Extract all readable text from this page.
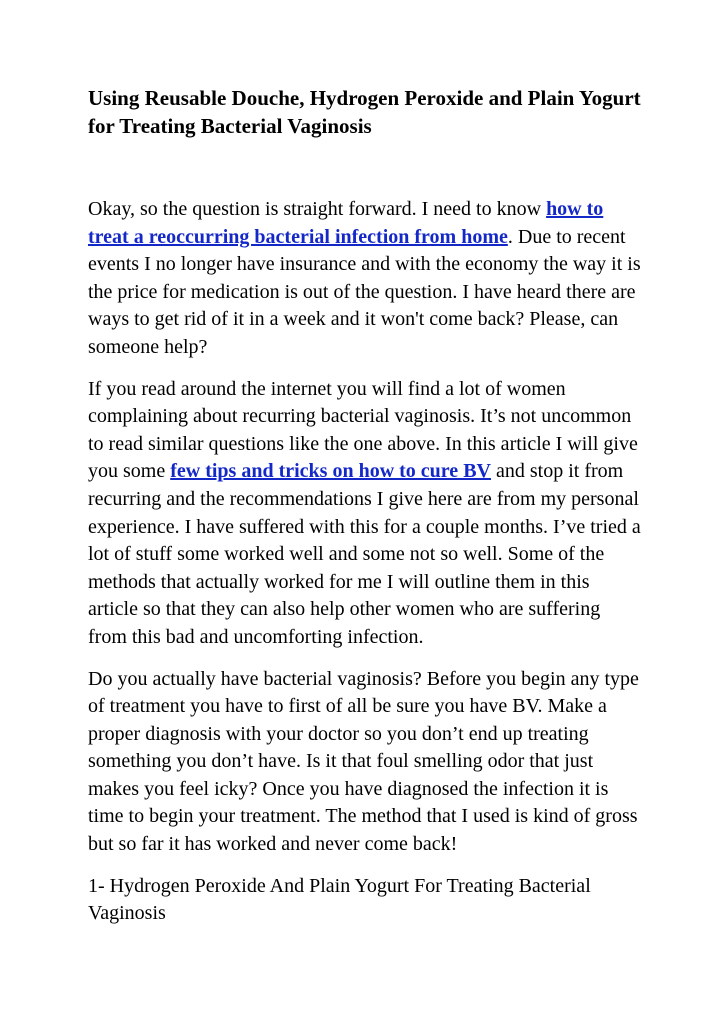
Using Reusable Douche, Hydrogen Peroxide and Plain Yogurt for Treating Bacterial Vaginosis

Okay, so the question is straight forward. I need to know how to treat a reoccurring bacterial infection from home. Due to recent events I no longer have insurance and with the economy the way it is the price for medication is out of the question. I have heard there are ways to get rid of it in a week and it won't come back? Please, can someone help?

If you read around the internet you will find a lot of women complaining about recurring bacterial vaginosis. It’s not uncommon to read similar questions like the one above. In this article I will give you some few tips and tricks on how to cure BV and stop it from recurring and the recommendations I give here are from my personal experience. I have suffered with this for a couple months. I’ve tried a lot of stuff some worked well and some not so well. Some of the methods that actually worked for me I will outline them in this article so that they can also help other women who are suffering from this bad and uncomforting infection.

Do you actually have bacterial vaginosis? Before you begin any type of treatment you have to first of all be sure you have BV. Make a proper diagnosis with your doctor so you don’t end up treating something you don’t have. Is it that foul smelling odor that just makes you feel icky? Once you have diagnosed the infection it is time to begin your treatment. The method that I used is kind of gross but so far it has worked and never come back!

1- Hydrogen Peroxide And Plain Yogurt For Treating Bacterial Vaginosis
